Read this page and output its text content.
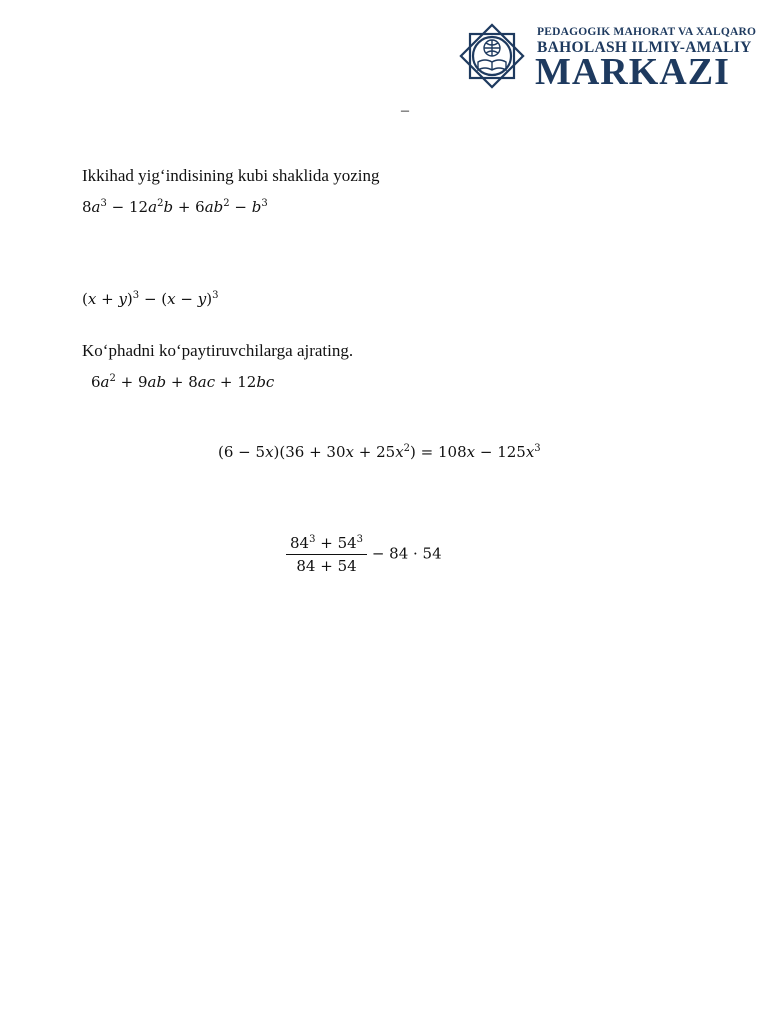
PEDAGOGIK MAHORAT VA XALQARO
BAHOLASH ILMIY-AMALIY
MARKAZI
–
Ikkihad yig‘indisining kubi shaklida yozing
$8a^3 - 12a^2b + 6ab^2 - b^3$
$(x + y)^3 - (x - y)^3$
Ko‘phadni ko‘paytiruvchilarga ajrating.
$6a^2 + 9ab + 8ac + 12bc$
$(6 - 5x)(36 + 30x + 25x^2) = 108x - 125x^3$
$\frac{84^3 + 54^3}{84 + 54} - 84 \cdot 54$
